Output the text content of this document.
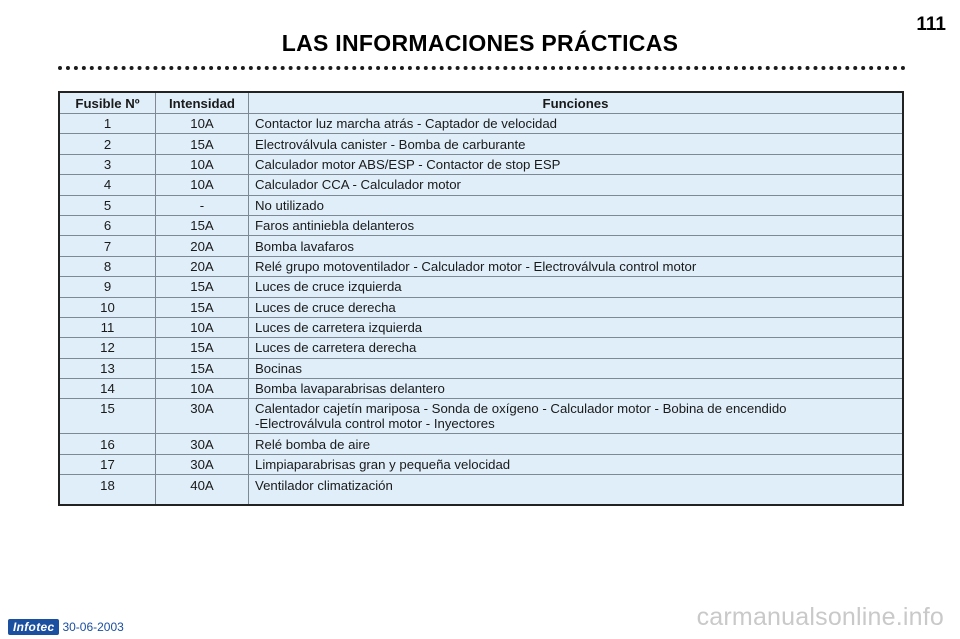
111
LAS INFORMACIONES PRÁCTICAS
Fusible Nº	Intensidad	Funciones
1	10A	Contactor luz marcha atrás - Captador de velocidad
2	15A	Electroválvula canister - Bomba de carburante
3	10A	Calculador motor ABS/ESP - Contactor de stop ESP
4	10A	Calculador CCA - Calculador motor
5	-	No utilizado
6	15A	Faros antiniebla delanteros
7	20A	Bomba lavafaros
8	20A	Relé grupo motoventilador - Calculador motor - Electroválvula control motor
9	15A	Luces de cruce izquierda
10	15A	Luces de cruce derecha
11	10A	Luces de carretera izquierda
12	15A	Luces de carretera derecha
13	15A	Bocinas
14	10A	Bomba lavaparabrisas delantero
15	30A	Calentador cajetín mariposa - Sonda de oxígeno - Calculador motor - Bobina de encendido
-Electroválvula control motor - Inyectores

16	30A	Relé bomba de aire
17	30A	Limpiaparabrisas gran y pequeña velocidad
18	40A	Ventilador climatización
Infotec 30-06-2003	carmanualsonline.info
